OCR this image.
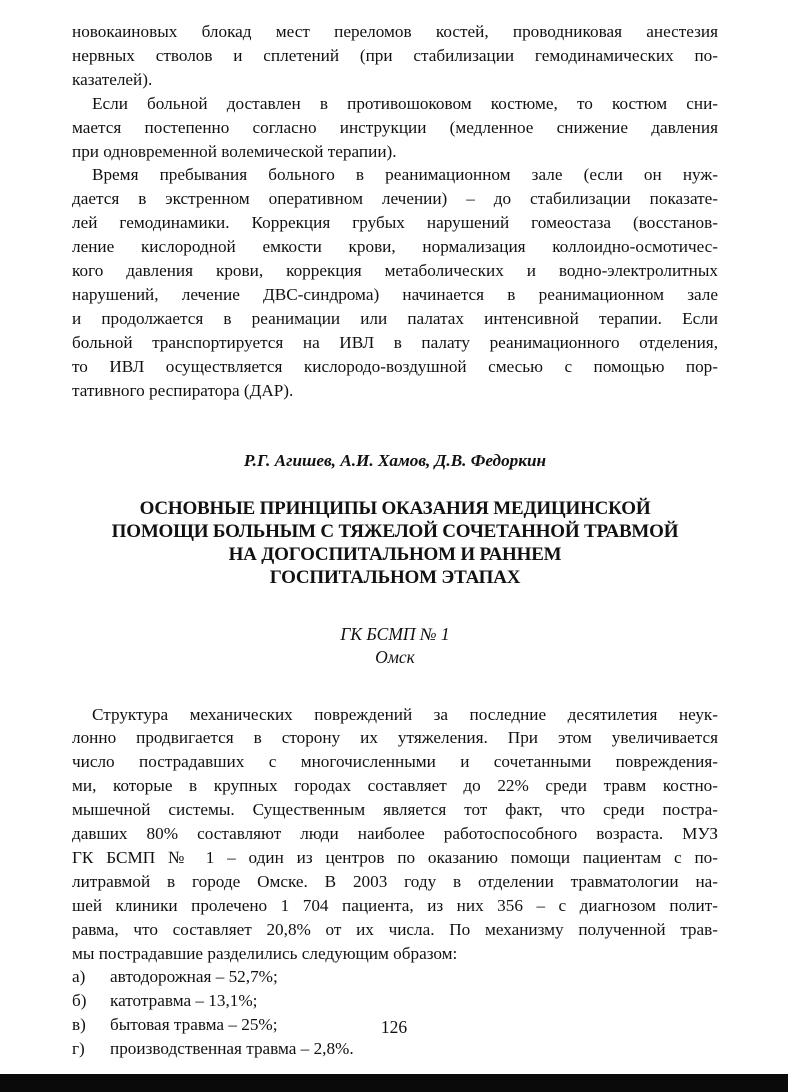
новокаиновых блокад мест переломов костей, проводниковая анестезия
нервных стволов и сплетений (при стабилизации гемодинамических по-
казателей).

Если больной доставлен в противошоковом костюме, то костюм сни-
мается постепенно согласно инструкции (медленное снижение давления
при одновременной волемической терапии).

Время пребывания больного в реанимационном зале (если он нуж-
дается в экстренном оперативном лечении) – до стабилизации показате-
лей гемодинамики. Коррекция грубых нарушений гомеостаза (восстанов-
ление кислородной емкости крови, нормализация коллоидно-осмотичес-
кого давления крови, коррекция метаболических и водно-электролитных
нарушений, лечение ДВС-синдрома) начинается в реанимационном зале
и продолжается в реанимации или палатах интенсивной терапии. Если
больной транспортируется на ИВЛ в палату реанимационного отделения,
то ИВЛ осуществляется кислородо-воздушной смесью с помощью пор-
тативного респиратора (ДАР).

Р.Г. Агишев, А.И. Хамов, Д.В. Федоркин
ОСНОВНЫЕ ПРИНЦИПЫ ОКАЗАНИЯ МЕДИЦИНСКОЙ
ПОМОЩИ БОЛЬНЫМ С ТЯЖЕЛОЙ СОЧЕТАННОЙ ТРАВМОЙ
НА ДОГОСПИТАЛЬНОМ И РАННЕМ
ГОСПИТАЛЬНОМ ЭТАПАХ
ГК БСМП № 1
Омск

Структура механических повреждений за последние десятилетия неук-
лонно продвигается в сторону их утяжеления. При этом увеличивается
число пострадавших с многочисленными и сочетанными повреждения-
ми, которые в крупных городах составляет до 22% среди травм костно-
мышечной системы. Существенным является тот факт, что среди постра-
давших 80% составляют люди наиболее работоспособного возраста. МУЗ
ГК БСМП № 1 – один из центров по оказанию помощи пациентам с по-
литравмой в городе Омске. В 2003 году в отделении травматологии на-
шей клиники пролечено 1 704 пациента, из них 356 – с диагнозом полит-
равма, что составляет 20,8% от их числа. По механизму полученной трав-
мы пострадавшие разделились следующим образом:

а)	автодорожная – 52,7%;
б)	катотравма – 13,1%;
в)	бытовая травма – 25%;
г)	производственная травма – 2,8%.
126
